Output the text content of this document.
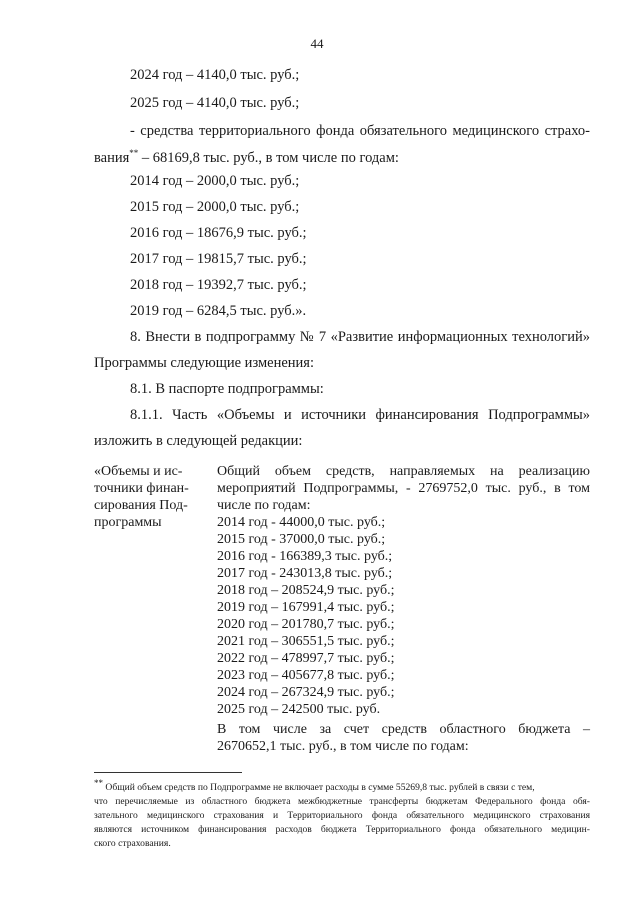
44
2024 год – 4140,0 тыс. руб.;
2025 год – 4140,0 тыс. руб.;
- средства территориального фонда обязательного медицинского страхо-
вания** – 68169,8 тыс. руб., в том числе по годам:
2014 год – 2000,0 тыс. руб.;
2015 год – 2000,0 тыс. руб.;
2016 год – 18676,9 тыс. руб.;
2017 год – 19815,7 тыс. руб.;
2018 год – 19392,7 тыс. руб.;
2019 год – 6284,5 тыс. руб.».
8. Внести в подпрограмму № 7 «Развитие информационных технологий»
Программы следующие изменения:
8.1. В паспорте подпрограммы:
8.1.1. Часть «Объемы и источники финансирования Подпрограммы»
изложить в следующей редакции:
«Объемы и ис-
точники финан-
сирования Под-
программы
Общий объем средств, направляемых на реализацию
мероприятий Подпрограммы, - 2769752,0 тыс. руб., в том
числе по годам:
2014 год - 44000,0 тыс. руб.;
2015 год - 37000,0 тыс. руб.;
2016 год - 166389,3 тыс. руб.;
2017 год - 243013,8 тыс. руб.;
2018 год – 208524,9 тыс. руб.;
2019 год – 167991,4 тыс. руб.;
2020 год – 201780,7 тыс. руб.;
2021 год – 306551,5 тыс. руб.;
2022 год – 478997,7 тыс. руб.;
2023 год – 405677,8 тыс. руб.;
2024 год – 267324,9 тыс. руб.;
2025 год – 242500 тыс. руб.
В том числе за счет средств областного бюджета –
2670652,1 тыс. руб., в том числе по годам:
** Общий объем средств по Подпрограмме не включает расходы в сумме 55269,8 тыс. рублей в связи с тем,
что перечисляемые из областного бюджета межбюджетные трансферты бюджетам Федерального фонда обя-
зательного медицинского страхования и Территориального фонда обязательного медицинского страхования
являются источником финансирования расходов бюджета Территориального фонда обязательного медицин-
ского страхования.
